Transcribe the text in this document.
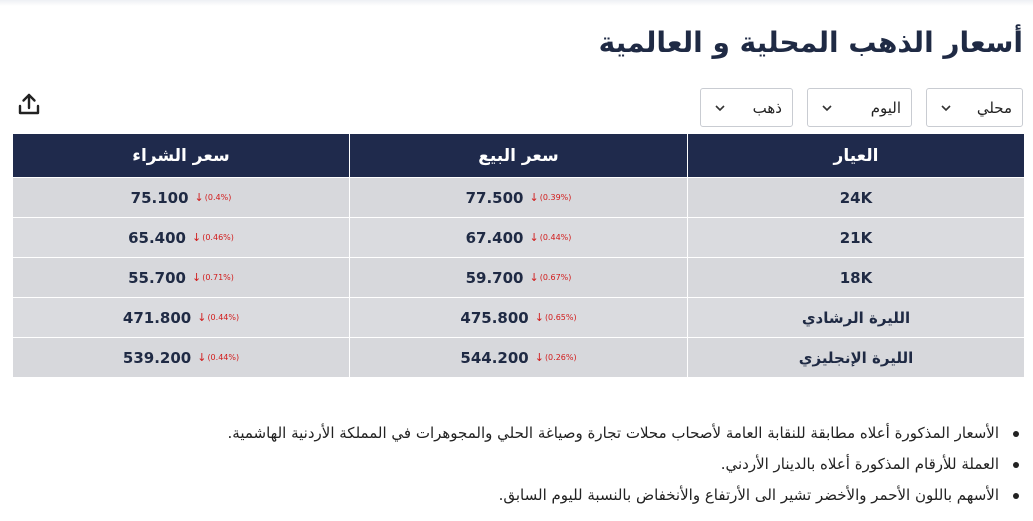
أسعار الذهب المحلية و العالمية
محلي
اليوم
ذهب
العيار	سعر البيع	سعر الشراء
24K	77.500 ↓ (0.39%)	75.100 ↓ (0.4%)

21K	67.400 ↓ (0.44%)	65.400 ↓ (0.46%)

18K	59.700 ↓ (0.67%)	55.700 ↓ (0.71%)

الليرة الرشادي	475.800 ↓ (0.65%)	471.800 ↓ (0.44%)

الليرة الإنجليزي	544.200 ↓ (0.26%)	539.200 ↓ (0.44%)
الأسعار المذكورة أعلاه مطابقة للنقابة العامة لأصحاب محلات تجارة وصياغة الحلي والمجوهرات في المملكة الأردنية الهاشمية.
العملة للأرقام المذكورة أعلاه بالدينار الأردني.
الأسهم باللون الأحمر والأخضر تشير الى الأرتفاع والأنخفاض بالنسبة لليوم السابق.
